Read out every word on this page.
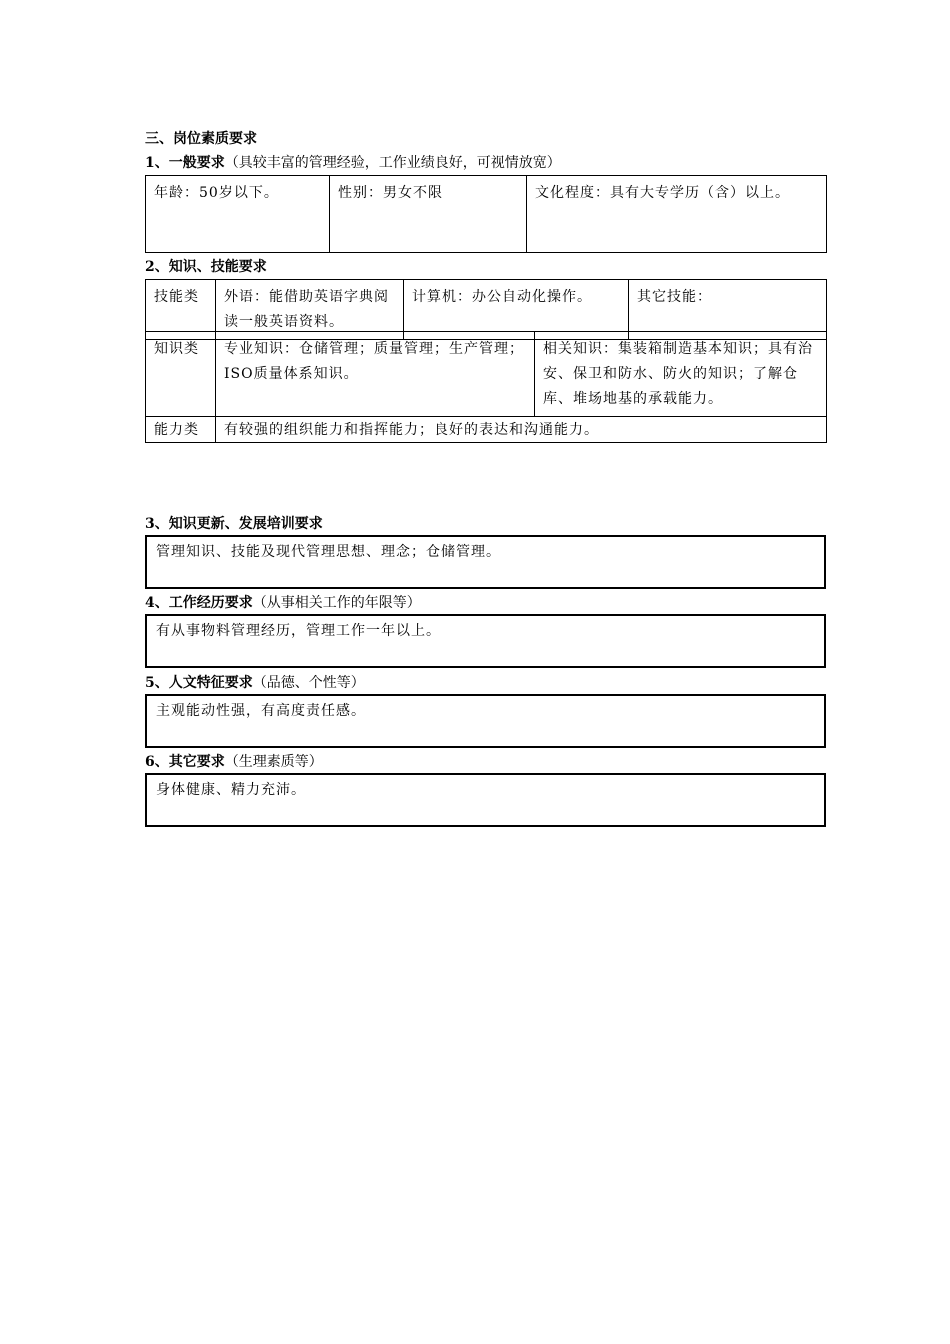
三、岗位素质要求
1、一般要求（具较丰富的管理经验，工作业绩良好，可视情放宽）
年龄：50岁以下。	性别：男女不限	文化程度：具有大专学历（含）以上。
2、知识、技能要求
技能类	外语：能借助英语字典阅读一般英语资料。	计算机：办公自动化操作。	其它技能：
知识类	专业知识：仓储管理；质量管理；生产管理；ISO质量体系知识。	相关知识：集装箱制造基本知识；具有治安、保卫和防水、防火的知识；了解仓库、堆场地基的承载能力。
能力类	有较强的组织能力和指挥能力；良好的表达和沟通能力。	
3、知识更新、发展培训要求
管理知识、技能及现代管理思想、理念；仓储管理。
4、工作经历要求（从事相关工作的年限等）
有从事物料管理经历，管理工作一年以上。
5、人文特征要求（品德、个性等）
主观能动性强，有高度责任感。
6、其它要求（生理素质等）
身体健康、精力充沛。
